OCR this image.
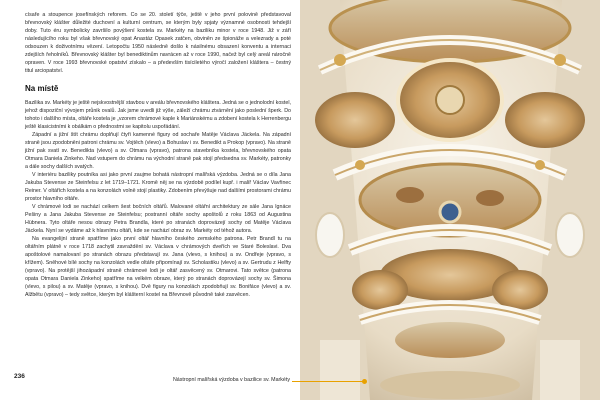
císaře a stoupence josefínských reforem. Co se 20. století týče, ještě v jeho první polovině představoval břevnovský klášter důležité duchovní a kulturní centrum, se kterým byly spjaty významné osobnosti tehdejší doby. Tuto éru symbolicky završilo povýšení kostela sv. Markéty na baziliku minor v roce 1948. Již v září následujícího roku byl však břevnovský opat Anastáz Opasek zatčen, obviněn ze špionáže a velezrady a poté odsouzen k doživotnímu vězení. Letopočtu 1950 následně došlo k násilnému obsazení konventu a internaci zdejších řeholníků. Břevnovský klášter byl benediktinům navrácen až v roce 1990, načež byl celý areál náročně opraven. V roce 1993 břevnovské opatství získalo – a především tisíciletého výročí založení kláštera – čestný titul arciopatství.

Na místě

Bazilika sv. Markéty je ještě nejskvostnější stavbou v areálu břevnovského kláštera. Jedná se o jednolodní kostel, jehož dispoziční vývojem průnik ovalů. Jak jsme uvedli již výše, záleží chrámu ztvárnění jako poslední šperk. Do tohoto i dalšího místa, oltáře kostela je „vzorem chrámové kaple k Mariánskému a zdobení kostela k Herrenbergu ještě klasicistními k obálkám o přednostmi se kapitolu uspořádání.

Západní a jižní štít chrámu doplňují čtyři kamenné figury od sochaře Matěje Václava Jäckela. Na západní straně jsou zpodobněni patroni chrámu sv. Vojtěch (vlevo) a Bohuslav i sv. Benedikt a Prokop (vpravo). Na straně jižní pak svatí sv. Benedikta (vlevo) a sv. Otmara (vpravo), patrona stavebníka kostela, břevnovského opata Otmara Daniela Zinkeho. Nad vstupem do chrámu na východní straně pak stojí předsedna sv. Markéty, patronky a dále sochy dalších svatých.

V interiéru baziliky poutníka asi jako první zaujme bohatá nástropní malířská výzdoba. Jedná se o díla Jana Jakuba Stevense ze Steinfelsu z let 1719–1721. Kromě něj se na výzdobě podílel kupř. i malíř Václav Vavřinec Reiner. V oltářích kostela a na konzolách volně stojí plastiky. Zdobením převýšuje nad dalšími prostorami chrámu prostor hlavního oltáře.

V chrámové lodi se nachází celkem šest bočních oltářů. Malované oltářní architektury ze sále Jana Ignáce Pešiny a Jana Jakuba Stevense ze Steinfelsu; postranní oltáře sochy apoštolů z roku 1863 od Augustina Hübnera. Tyto oltáře nesou obrazy Petra Brandla, které po stranách doprovázejí sochy od Matěje Václava Jäckela. Nyní se vydáme až k hlavnímu oltáři, kde se nachází obraz sv. Markéty od téhož autora.

Na evangelijní straně spatříme jako první oltář hlavního českého zemského patrona. Petr Brandl tu na oltářním plátně v roce 1718 zachytil zavraždění sv. Václava v chrámových dveřích ve Staré Boleslavi. Dva apoštolové namalovaní po stranách obrazu představují sv. Jana (vlevo, s knihou) a sv. Ondřeje (vpravo, s křížem). Sněhové bílé sochy na konzolách vedle oltáře připomínají sv. Scholastiku (vlevo) a sv. Gertrudu z Helfty (vpravo). Na protější jihozápadní straně chrámové lodi je oltář zasvěcený sv. Otmarovi. Tato světce (patrona opata Otmara Daniela Zinkeho) spatříme na velkém obraze, který po stranách doprovázejí sochy sv. Šimona (vlevo, s pilou) a sv. Matěje (vpravo, s knihou). Dvě figury na konzolách zpodobňují sv. Bonifáce (vlevo) a sv. Alžbětu (vpravo) – tedy světce, kterým byl klášterní kostel na Břevnově původně také zasvěcen.

236	Nástropní malířská výzdoba v bazilice sv. Markéty
